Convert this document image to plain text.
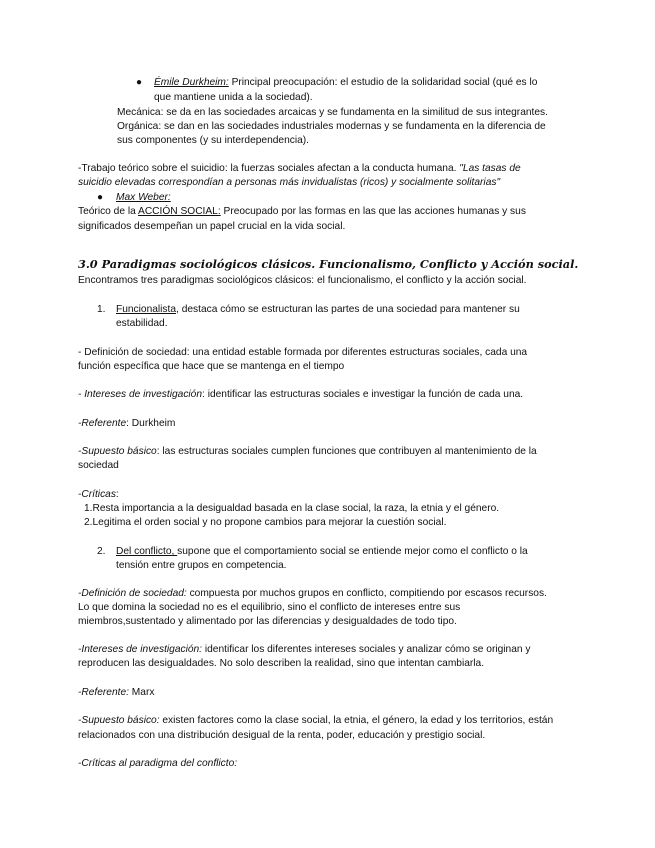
● Émile Durkheim: Principal preocupación: el estudio de la solidaridad social (qué es lo

que mantiene unida a la sociedad).

Mecánica: se da en las sociedades arcaicas y se fundamenta en la similitud de sus integrantes.

Orgánica: se dan en las sociedades industriales modernas y se fundamenta en la diferencia de

sus componentes (y su interdependencia).

-Trabajo teórico sobre el suicidio: la fuerzas sociales afectan a la conducta humana. "Las tasas de

suicidio elevadas correspondían a personas más invidualistas (ricos) y socialmente solitarias"

● Max Weber:

Teórico de la ACCIÓN SOCIAL: Preocupado por las formas en las que las acciones humanas y sus

significados desempeñan un papel crucial en la vida social.

3.0 Paradigmas sociológicos clásicos. Funcionalismo, Conflicto y Acción social.

Encontramos tres paradigmas sociológicos clásicos: el funcionalismo, el conflicto y la acción social.

1. Funcionalista, destaca cómo se estructuran las partes de una sociedad para mantener su

estabilidad.

- Definición de sociedad: una entidad estable formada por diferentes estructuras sociales, cada una

función específica que hace que se mantenga en el tiempo

- Intereses de investigación: identificar las estructuras sociales e investigar la función de cada una.

-Referente: Durkheim

-Supuesto básico: las estructuras sociales cumplen funciones que contribuyen al mantenimiento de la

sociedad

-Críticas:

1.Resta importancia a la desigualdad basada en la clase social, la raza, la etnia y el género.

2.Legitima el orden social y no propone cambios para mejorar la cuestión social.

2. Del conflicto, supone que el comportamiento social se entiende mejor como el conflicto o la

tensión entre grupos en competencia.

-Definición de sociedad: compuesta por muchos grupos en conflicto, compitiendo por escasos recursos.

Lo que domina la sociedad no es el equilibrio, sino el conflicto de intereses entre sus

miembros,sustentado y alimentado por las diferencias y desigualdades de todo tipo.

-Intereses de investigación: identificar los diferentes intereses sociales y analizar cómo se originan y

reproducen las desigualdades. No solo describen la realidad, sino que intentan cambiarla.

-Referente: Marx

-Supuesto básico: existen factores como la clase social, la etnia, el género, la edad y los territorios, están

relacionados con una distribución desigual de la renta, poder, educación y prestigio social.

-Críticas al paradigma del conflicto:
